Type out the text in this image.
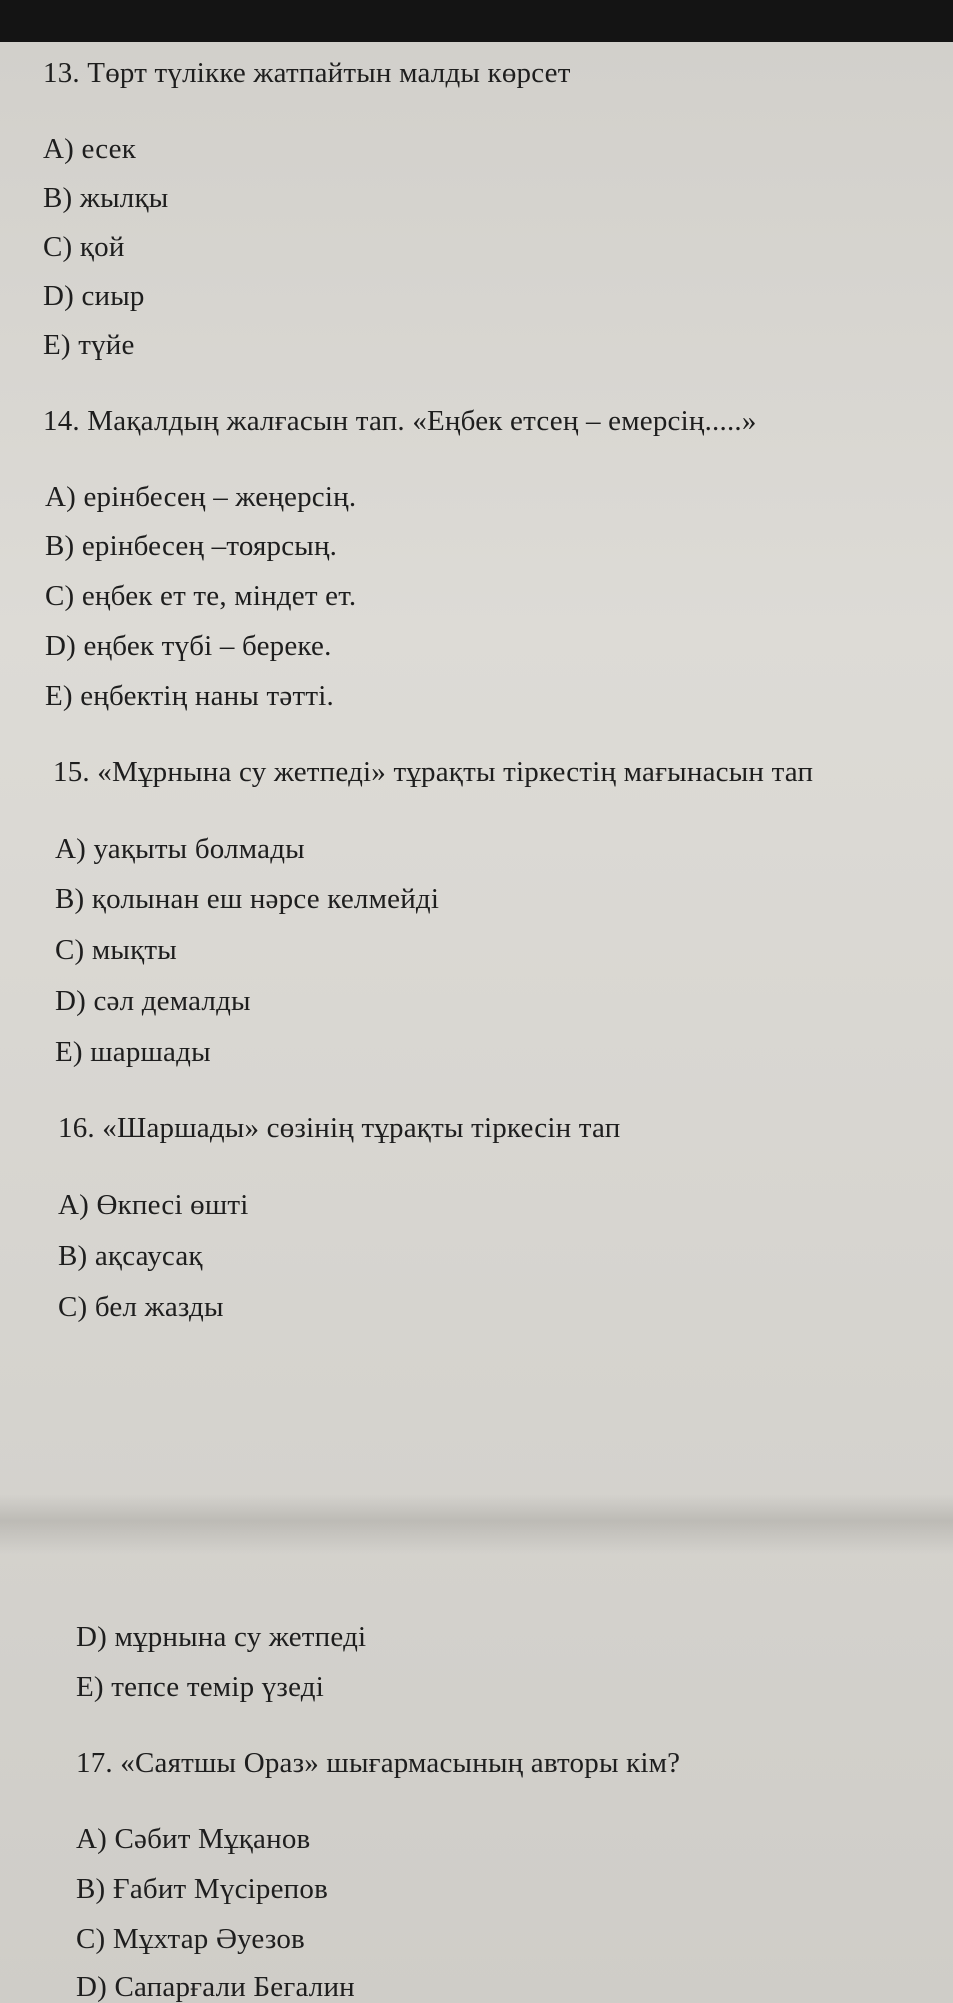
13. Төрт түлікке жатпайтын малды көрсет
A) есек
B) жылқы
C) қой
D) сиыр
E) түйе
14. Мақалдың жалғасын тап. «Еңбек етсең – емерсің.....»
A) ерінбесең – жеңерсің.
B) ерінбесең –тоярсың.
C) еңбек ет те, міндет ет.
D) еңбек түбі – береке.
E) еңбектің наны тәтті.
15. «Мұрнына су жетпеді» тұрақты тіркестің мағынасын тап
A) уақыты болмады
B) қолынан еш нәрсе келмейді
C) мықты
D) сәл демалды
E) шаршады
16. «Шаршады» сөзінің тұрақты тіркесін тап
A) Өкпесі өшті
B) ақсаусақ
C) бел жазды
D) мұрнына су жетпеді
E) тепсе темір үзеді
17. «Саятшы Ораз» шығармасының авторы кім?
A) Сәбит Мұқанов
B) Ғабит Мүсірепов
C) Мұхтар Әуезов
D) Сапарғали Бегалин
